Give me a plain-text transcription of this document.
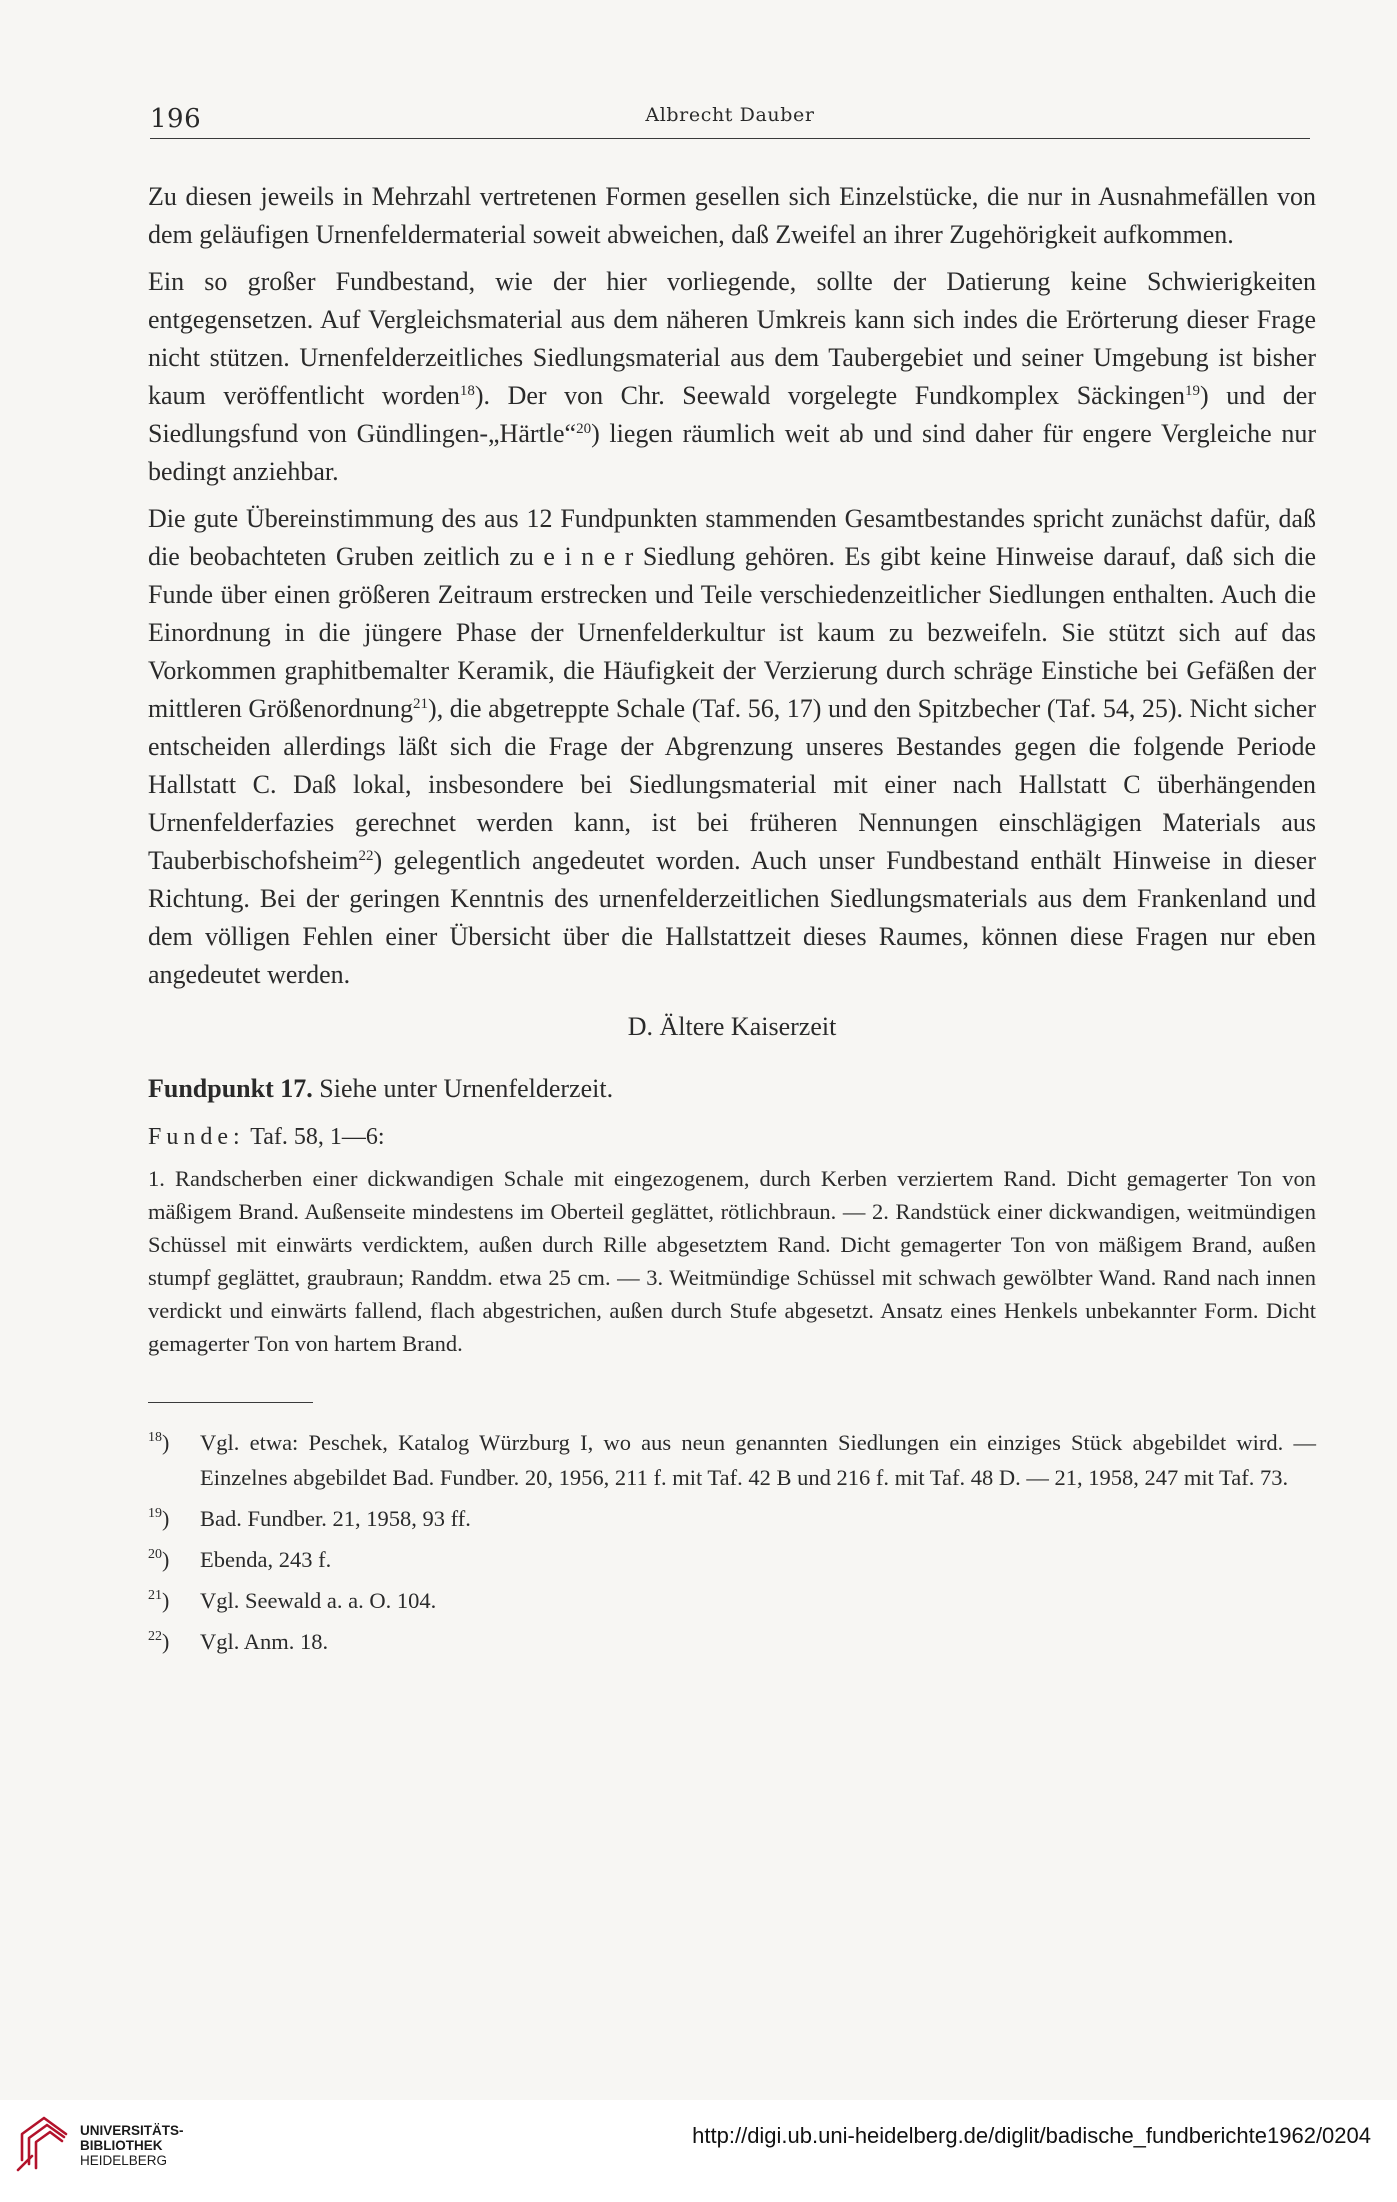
196	Albrecht Dauber

Zu diesen jeweils in Mehrzahl vertretenen Formen gesellen sich Einzelstücke, die nur in Ausnahmefällen von dem geläufigen Urnenfeldermaterial soweit abweichen, daß Zweifel an ihrer Zugehörigkeit aufkommen.

Ein so großer Fundbestand, wie der hier vorliegende, sollte der Datierung keine Schwierigkeiten entgegensetzen. Auf Vergleichsmaterial aus dem näheren Umkreis kann sich indes die Erörterung dieser Frage nicht stützen. Urnenfelderzeitliches Siedlungsmaterial aus dem Taubergebiet und seiner Umgebung ist bisher kaum veröffentlicht worden$^{18}$). Der von Chr. Seewald vorgelegte Fundkomplex Säckingen$^{19}$) und der Siedlungsfund von Gündlingen-„Härtle“$^{20}$) liegen räumlich weit ab und sind daher für engere Vergleiche nur bedingt anziehbar.

Die gute Übereinstimmung des aus 12 Fundpunkten stammenden Gesamtbestandes spricht zunächst dafür, daß die beobachteten Gruben zeitlich zu e i n e r Siedlung gehören. Es gibt keine Hinweise darauf, daß sich die Funde über einen größeren Zeitraum erstrecken und Teile verschiedenzeitlicher Siedlungen enthalten. Auch die Einordnung in die jüngere Phase der Urnenfelderkultur ist kaum zu bezweifeln. Sie stützt sich auf das Vorkommen graphitbemalter Keramik, die Häufigkeit der Verzierung durch schräge Einstiche bei Gefäßen der mittleren Größenordnung$^{21}$), die abgetreppte Schale (Taf. 56, 17) und den Spitzbecher (Taf. 54, 25). Nicht sicher entscheiden allerdings läßt sich die Frage der Abgrenzung unseres Bestandes gegen die folgende Periode Hallstatt C. Daß lokal, insbesondere bei Siedlungsmaterial mit einer nach Hallstatt C überhängenden Urnenfelderfazies gerechnet werden kann, ist bei früheren Nennungen einschlägigen Materials aus Tauberbischofsheim$^{22}$) gelegentlich angedeutet worden. Auch unser Fundbestand enthält Hinweise in dieser Richtung. Bei der geringen Kenntnis des urnenfelderzeitlichen Siedlungsmaterials aus dem Frankenland und dem völligen Fehlen einer Übersicht über die Hallstattzeit dieses Raumes, können diese Fragen nur eben angedeutet werden.

D. Ältere Kaiserzeit

Fundpunkt 17. Siehe unter Urnenfelderzeit.

Funde: Taf. 58, 1—6:

1. Randscherben einer dickwandigen Schale mit eingezogenem, durch Kerben verziertem Rand. Dicht gemagerter Ton von mäßigem Brand. Außenseite mindestens im Oberteil geglättet, rötlichbraun. — 2. Randstück einer dickwandigen, weitmündigen Schüssel mit einwärts verdicktem, außen durch Rille abgesetztem Rand. Dicht gemagerter Ton von mäßigem Brand, außen stumpf geglättet, graubraun; Randdm. etwa 25 cm. — 3. Weitmündige Schüssel mit schwach gewölbter Wand. Rand nach innen verdickt und einwärts fallend, flach abgestrichen, außen durch Stufe abgesetzt. Ansatz eines Henkels unbekannter Form. Dicht gemagerter Ton von hartem Brand.

$^{18}$) Vgl. etwa: Peschek, Katalog Würzburg I, wo aus neun genannten Siedlungen ein einziges Stück abgebildet wird. — Einzelnes abgebildet Bad. Fundber. 20, 1956, 211 f. mit Taf. 42 B und 216 f. mit Taf. 48 D. — 21, 1958, 247 mit Taf. 73.

$^{19}$) Bad. Fundber. 21, 1958, 93 ff.

$^{20}$) Ebenda, 243 f.

$^{21}$) Vgl. Seewald a. a. O. 104.

$^{22}$) Vgl. Anm. 18.

UNIVERSITÄTS-
BIBLIOTHEK
HEIDELBERG
http://digi.ub.uni-heidelberg.de/diglit/badische_fundberichte1962/0204
